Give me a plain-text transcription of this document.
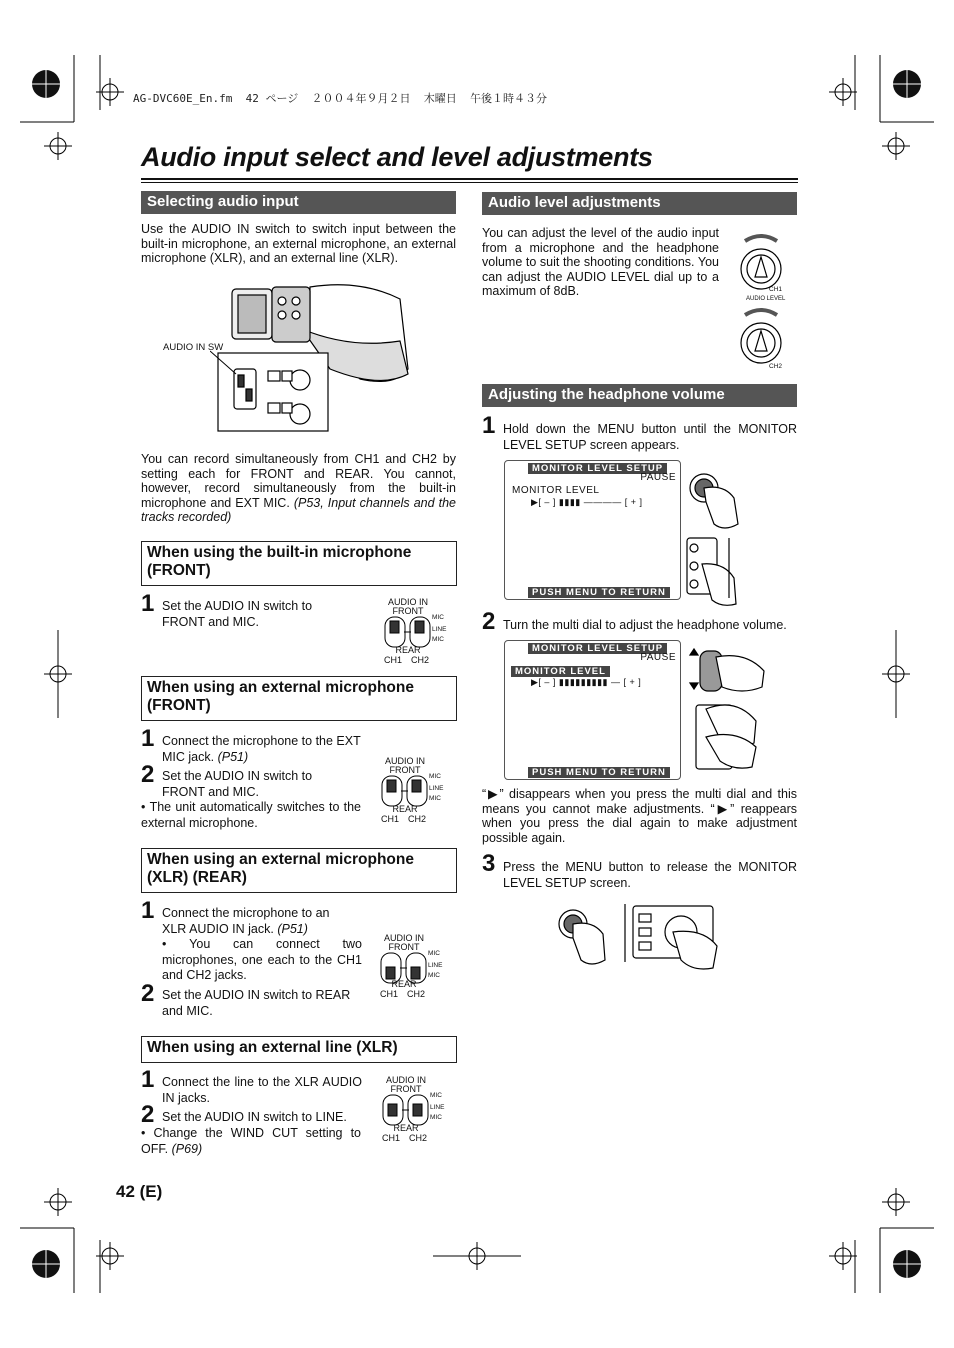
AG-DVC60E_En.fm  42 ページ  ２００４年９月２日  木曜日  午後１時４３分
Audio input select and level adjustments
Selecting audio input
Use the AUDIO IN switch to switch input between the built-in microphone, an external microphone, an external microphone (XLR), and an external line (XLR).
AUDIO IN SW
You can record simultaneously from CH1 and CH2 by setting each for FRONT and REAR. You cannot, however, record simultaneously from the built-in microphone and EXT MIC. (P53, Input channels and the tracks recorded)
When using the built-in microphone (FRONT)
1 Set the AUDIO IN switch to FRONT and MIC.
When using an external microphone (FRONT)
1 Connect the microphone to the EXT MIC jack. (P51)
2 Set the AUDIO IN switch to FRONT and MIC.
• The unit automatically switches to the external microphone.
When using an external microphone (XLR) (REAR)
1 Connect the microphone to an XLR AUDIO IN jack. (P51)
• You can connect two microphones, one each to the CH1 and CH2 jacks.
2 Set the AUDIO IN switch to REAR and MIC.
When using an external line (XLR)
1 Connect the line to the XLR AUDIO IN jacks.
2 Set the AUDIO IN switch to LINE.
• Change the WIND CUT setting to OFF. (P69)
AUDIO IN
FRONT
MIC
LINE
MIC
REAR
CH1 CH2
AUDIO IN
FRONT
MIC
LINE
MIC
REAR
CH1 CH2
AUDIO IN
FRONT
MIC
LINE
MIC
REAR
CH1 CH2
AUDIO IN
FRONT
MIC
LINE
MIC
REAR
CH1 CH2
Audio level adjustments
You can adjust the level of the audio input from a microphone and the headphone volume to suit the shooting conditions. You can adjust the AUDIO LEVEL dial up to a maximum of 8dB.	CH1
AUDIO LEVEL
CH2
Adjusting the headphone volume
1 Hold down the MENU button until the MONITOR LEVEL SETUP screen appears.
MONITOR LEVEL SETUP
PAUSE
MONITOR LEVEL
▶[ – ] ▮▮▮▮ ———— [ + ]
PUSH MENU TO RETURN
2 Turn the multi dial to adjust the headphone volume.
MONITOR LEVEL SETUP
PAUSE
MONITOR LEVEL
▶[ – ] ▮▮▮▮▮▮▮▮▮ — [ + ]
PUSH MENU TO RETURN
“▶” disappears when you press the multi dial and this means you cannot make adjustments. “▶” reappears when you press the dial again to make adjustment possible again.
3 Press the MENU button to release the MONITOR LEVEL SETUP screen.
42 (E)
